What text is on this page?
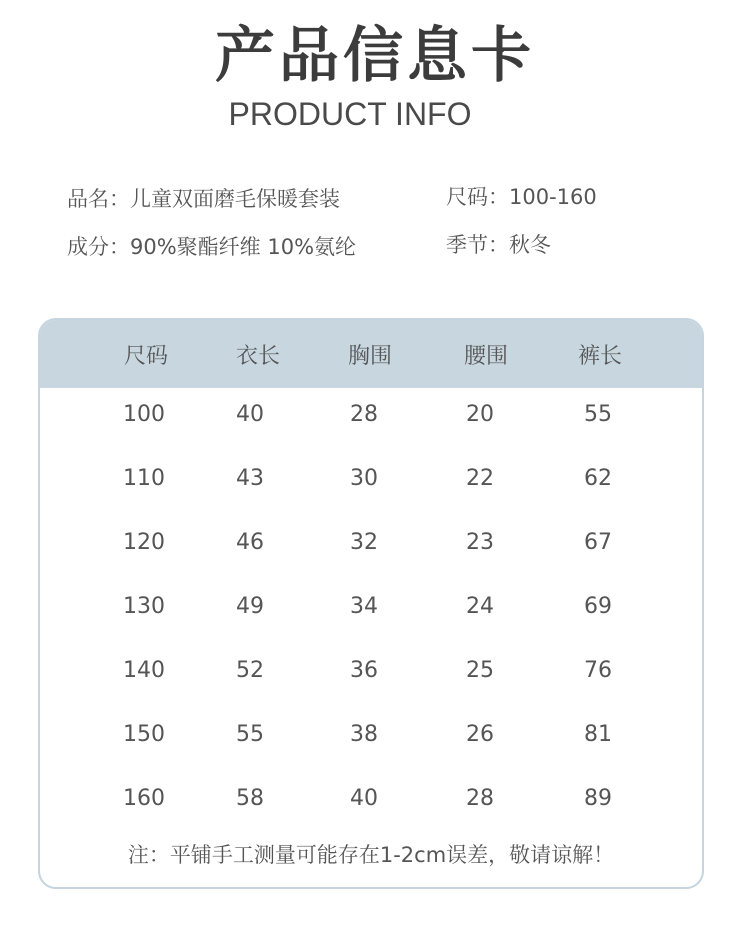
产品信息卡
PRODUCT INFO
品名：儿童双面磨毛保暖套装
成分：90%聚酯纤维 10%氨纶
尺码：100-160
季节：秋冬
尺码	衣长	胸围	腰围	裤长
100	40	28	20	55
110	43	30	22	62
120	46	32	23	67
130	49	34	24	69
140	52	36	25	76
150	55	38	26	81
160	58	40	28	89
注：平铺手工测量可能存在1-2cm误差，敬请谅解！
